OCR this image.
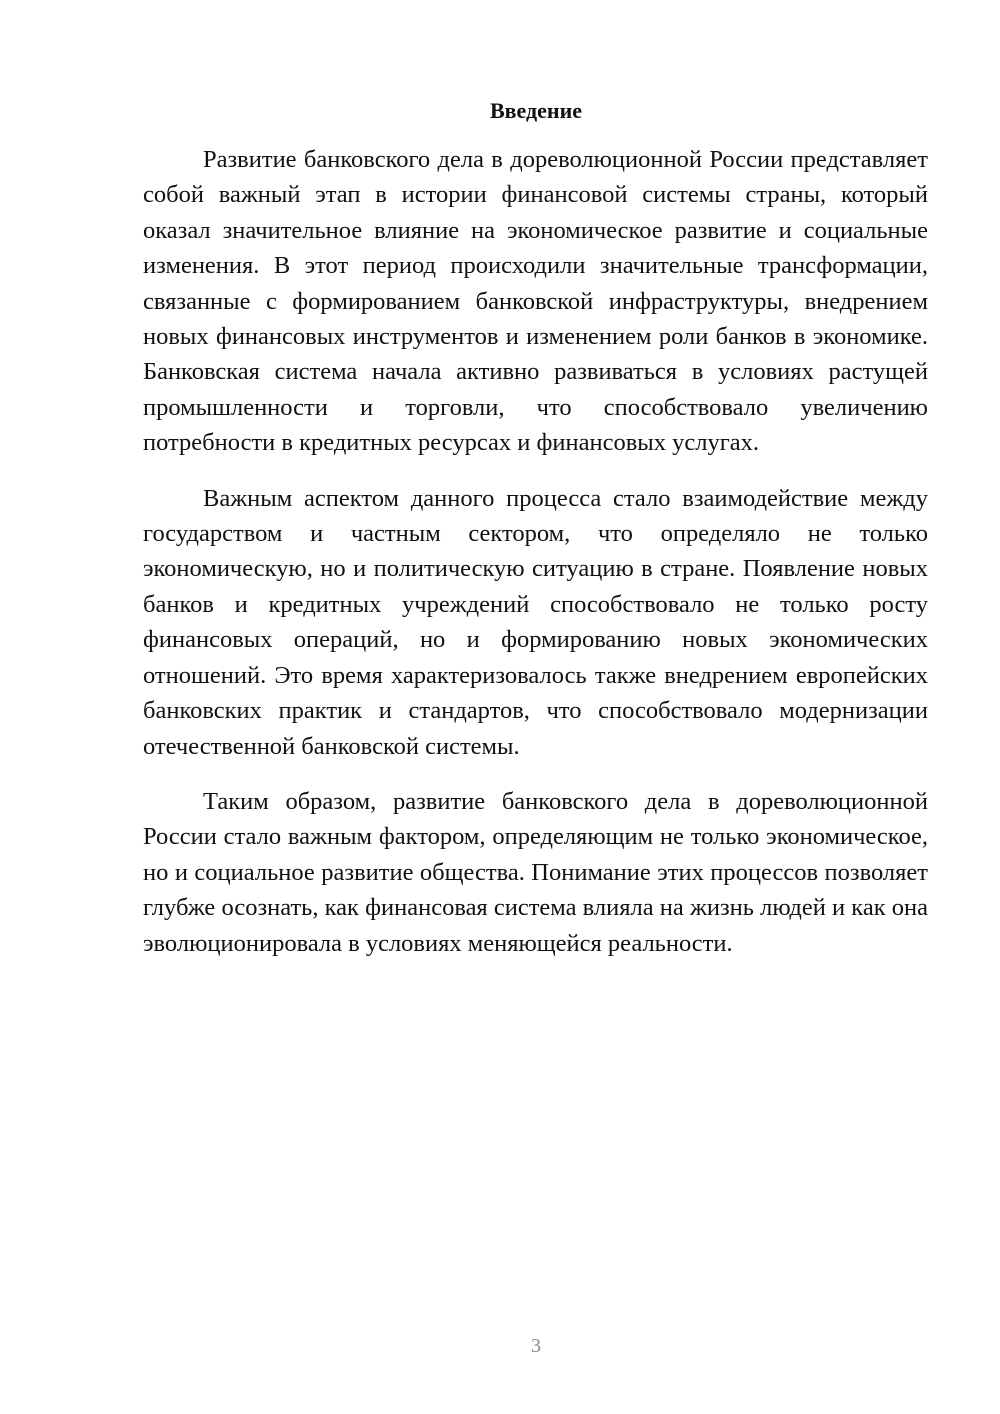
Введение

Развитие банковского дела в дореволюционной России представляет собой важный этап в истории финансовой системы страны, который оказал значительное влияние на экономическое развитие и социальные изменения. В этот период происходили значительные трансформации, связанные с формированием банковской инфраструктуры, внедрением новых финансовых инструментов и изменением роли банков в экономике. Банковская система начала активно развиваться в условиях растущей промышленности и торговли, что способствовало увеличению потребности в кредитных ресурсах и финансовых услугах.

Важным аспектом данного процесса стало взаимодействие между государством и частным сектором, что определяло не только экономическую, но и политическую ситуацию в стране. Появление новых банков и кредитных учреждений способствовало не только росту финансовых операций, но и формированию новых экономических отношений. Это время характеризовалось также внедрением европейских банковских практик и стандартов, что способствовало модернизации отечественной банковской системы.

Таким образом, развитие банковского дела в дореволюционной России стало важным фактором, определяющим не только экономическое, но и социальное развитие общества. Понимание этих процессов позволяет глубже осознать, как финансовая система влияла на жизнь людей и как она эволюционировала в условиях меняющейся реальности.

3
